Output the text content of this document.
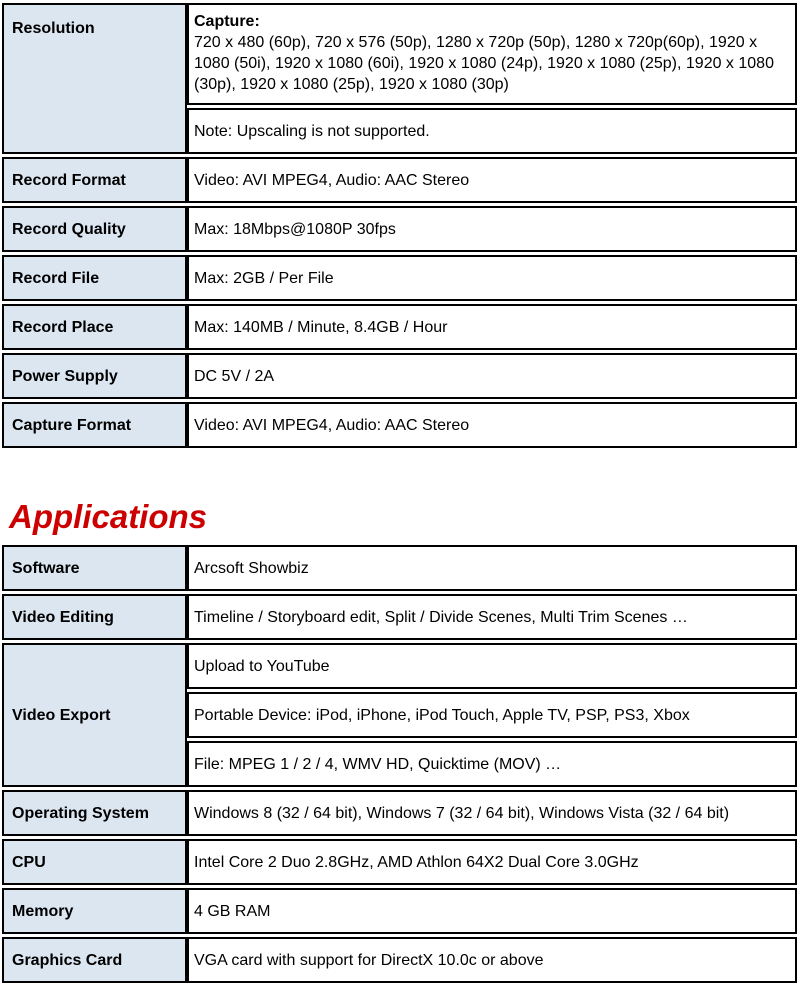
Resolution	Capture:
720 x 480 (60p), 720 x 576 (50p), 1280 x 720p (50p), 1280 x 720p(60p), 1920 x 1080 (50i), 1920 x 1080 (60i), 1920 x 1080 (24p), 1920 x 1080 (25p), 1920 x 1080 (30p), 1920 x 1080 (25p), 1920 x 1080 (30p)

	Note: Upscaling is not supported.
Record Format	Video: AVI MPEG4, Audio: AAC Stereo
Record Quality	Max: 18Mbps@1080P 30fps
Record File	Max: 2GB / Per File
Record Place	Max: 140MB / Minute, 8.4GB / Hour
Power Supply	DC 5V / 2A
Capture Format	Video: AVI MPEG4, Audio: AAC Stereo
Applications
Software	Arcsoft Showbiz
Video Editing	Timeline / Storyboard edit, Split / Divide Scenes, Multi Trim Scenes …
Video Export	Upload to YouTube
	Portable Device: iPod, iPhone, iPod Touch, Apple TV, PSP, PS3, Xbox
	File: MPEG 1 / 2 / 4, WMV HD, Quicktime (MOV) …
Operating System	Windows 8 (32 / 64 bit), Windows 7 (32 / 64 bit), Windows Vista (32 / 64 bit)
CPU	Intel Core 2 Duo 2.8GHz, AMD Athlon 64X2 Dual Core 3.0GHz
Memory	4 GB RAM
Graphics Card	VGA card with support for DirectX 10.0c or above
